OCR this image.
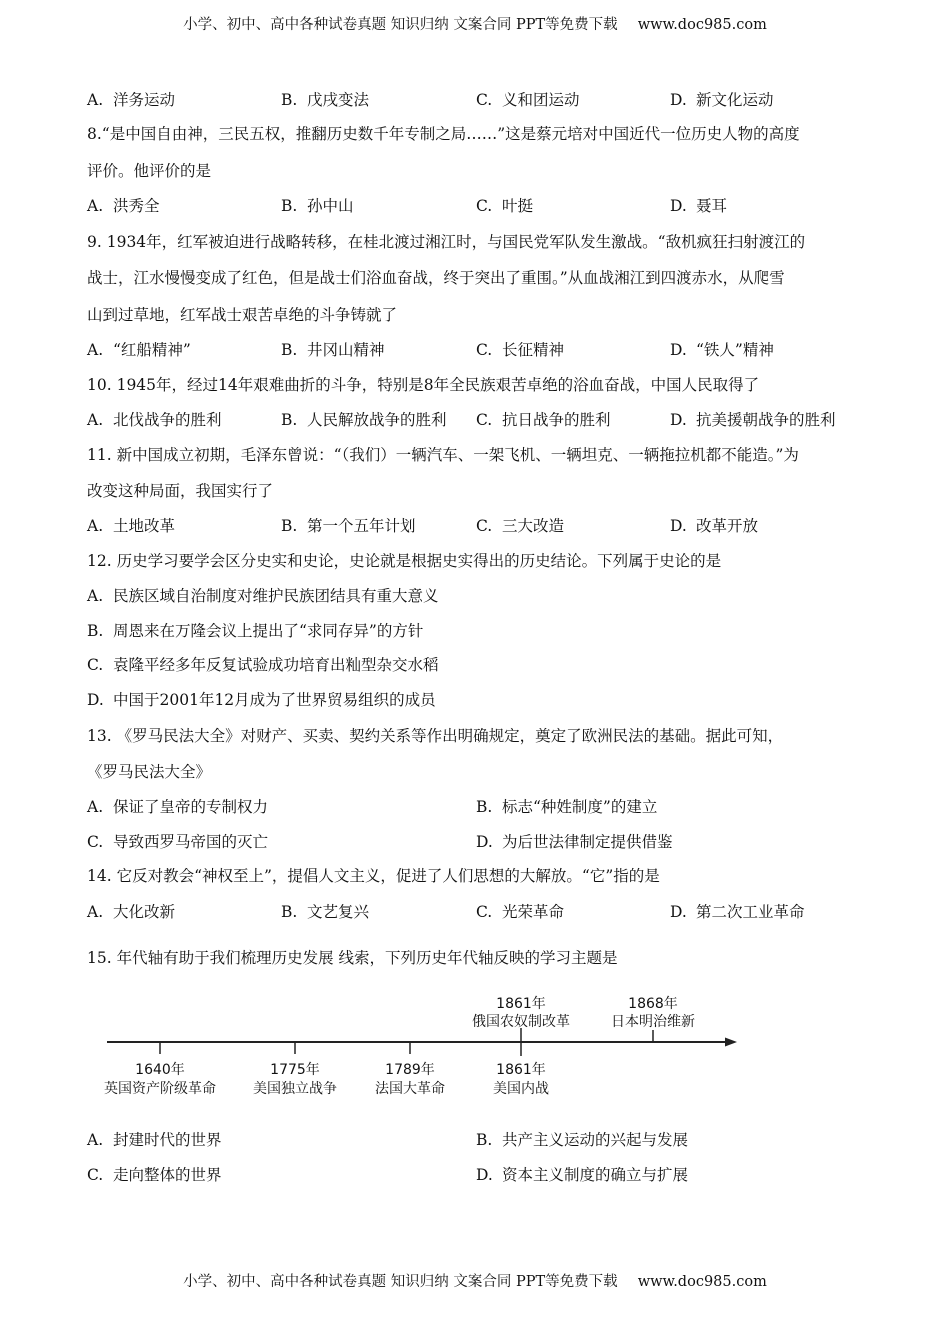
小学、初中、高中各种试卷真题 知识归纳 文案合同 PPT等免费下载 www.doc985.com
A. 洋务运动	B. 戊戌变法	C. 义和团运动	D. 新文化运动
8.“是中国自由神，三民五权，推翻历史数千年专制之局……”这是蔡元培对中国近代一位历史人物的高度
评价。他评价的是
A. 洪秀全	B. 孙中山	C. 叶挺	D. 聂耳
9. 1934年，红军被迫进行战略转移，在桂北渡过湘江时，与国民党军队发生激战。“敌机疯狂扫射渡江的
战士，江水慢慢变成了红色，但是战士们浴血奋战，终于突出了重围。”从血战湘江到四渡赤水，从爬雪
山到过草地，红军战士艰苦卓绝的斗争铸就了
A. “红船精神”	B. 井冈山精神	C. 长征精神	D. “铁人”精神
10. 1945年，经过14年艰难曲折的斗争，特别是8年全民族艰苦卓绝的浴血奋战，中国人民取得了
A. 北伐战争的胜利	B. 人民解放战争的胜利 C. 抗日战争的胜利	D. 抗美援朝战争的胜利
11. 新中国成立初期，毛泽东曾说：“（我们）一辆汽车、一架飞机、一辆坦克、一辆拖拉机都不能造。”为
改变这种局面，我国实行了
A. 土地改革	B. 第一个五年计划	C. 三大改造	D. 改革开放
12. 历史学习要学会区分史实和史论，史论就是根据史实得出的历史结论。下列属于史论的是
A. 民族区域自治制度对维护民族团结具有重大意义
B. 周恩来在万隆会议上提出了“求同存异”的方针
C. 袁隆平经多年反复试验成功培育出籼型杂交水稻
D. 中国于2001年12月成为了世界贸易组织的成员
13. 《罗马民法大全》对财产、买卖、契约关系等作出明确规定，奠定了欧洲民法的基础。据此可知，
《罗马民法大全》
A. 保证了皇帝的专制权力	B. 标志“种姓制度”的建立
C. 导致西罗马帝国的灭亡	D. 为后世法律制定提供借鉴
14. 它反对教会“神权至上”，提倡人文主义，促进了人们思想的大解放。“它”指的是
A. 大化改新	B. 文艺复兴	C. 光荣革命	D. 第二次工业革命
15. 年代轴有助于我们梳理历史发展 线索，下列历史年代轴反映的学习主题是
1861年
俄国农奴制改革
1868年
日本明治维新
1640年
英国资产阶级革命
1775年
美国独立战争
1789年
法国大革命
1861年
美国内战
A. 封建时代的世界	B. 共产主义运动的兴起与发展
C. 走向整体的世界	D. 资本主义制度的确立与扩展
小学、初中、高中各种试卷真题 知识归纳 文案合同 PPT等免费下载 www.doc985.com
